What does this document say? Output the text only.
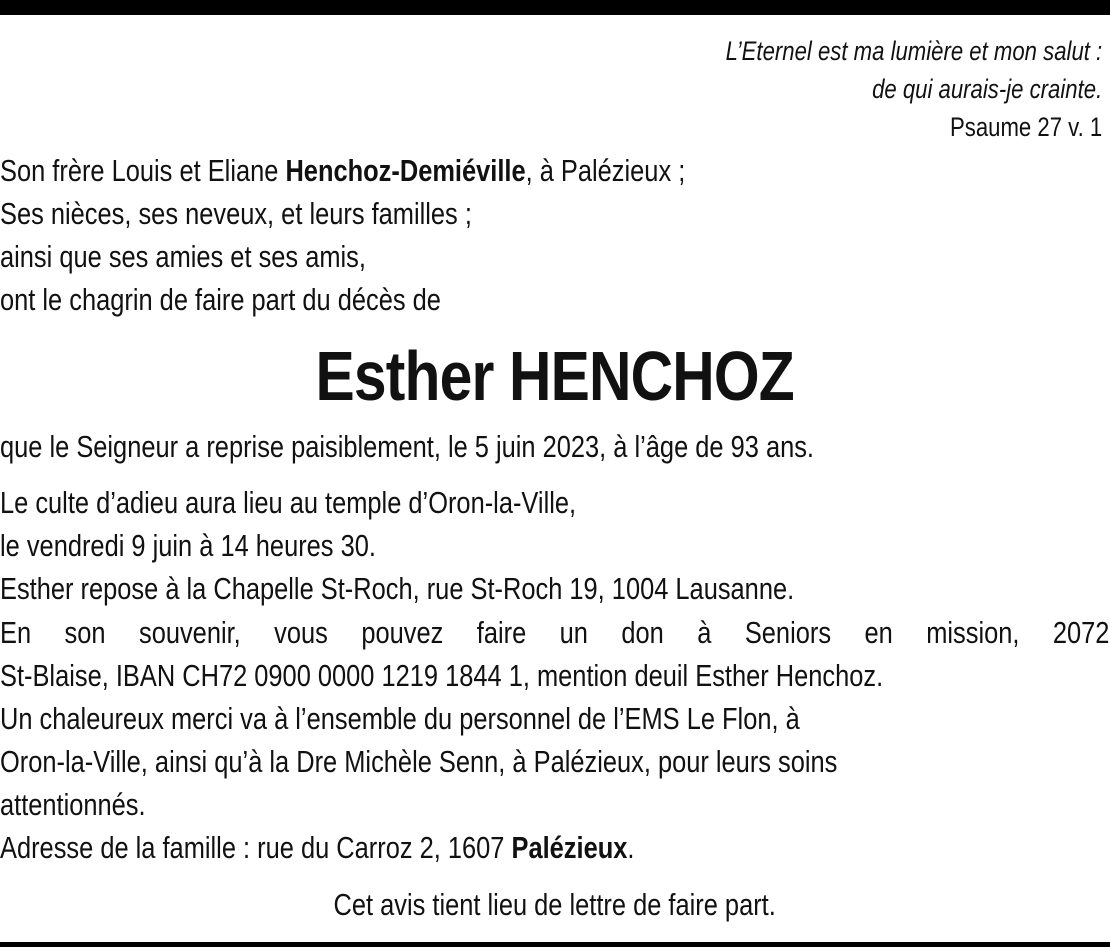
L’Eternel est ma lumière et mon salut :
de qui aurais-je crainte.
Psaume 27 v. 1
Son frère Louis et Eliane Henchoz-Demiéville, à Palézieux ;
Ses nièces, ses neveux, et leurs familles ;
ainsi que ses amies et ses amis,
ont le chagrin de faire part du décès de
Esther HENCHOZ
que le Seigneur a reprise paisiblement, le 5 juin 2023, à l’âge de 93 ans.
Le culte d’adieu aura lieu au temple d’Oron-la-Ville,
le vendredi 9 juin à 14 heures 30.
Esther repose à la Chapelle St-Roch, rue St-Roch 19, 1004 Lausanne.
En son souvenir, vous pouvez faire un don à Seniors en mission, 2072
St-Blaise, IBAN CH72 0900 0000 1219 1844 1, mention deuil Esther Henchoz.
Un chaleureux merci va à l’ensemble du personnel de l’EMS Le Flon, à
Oron-la-Ville, ainsi qu’à la Dre Michèle Senn, à Palézieux, pour leurs soins
attentionnés.
Adresse de la famille : rue du Carroz 2, 1607 Palézieux.
Cet avis tient lieu de lettre de faire part.
